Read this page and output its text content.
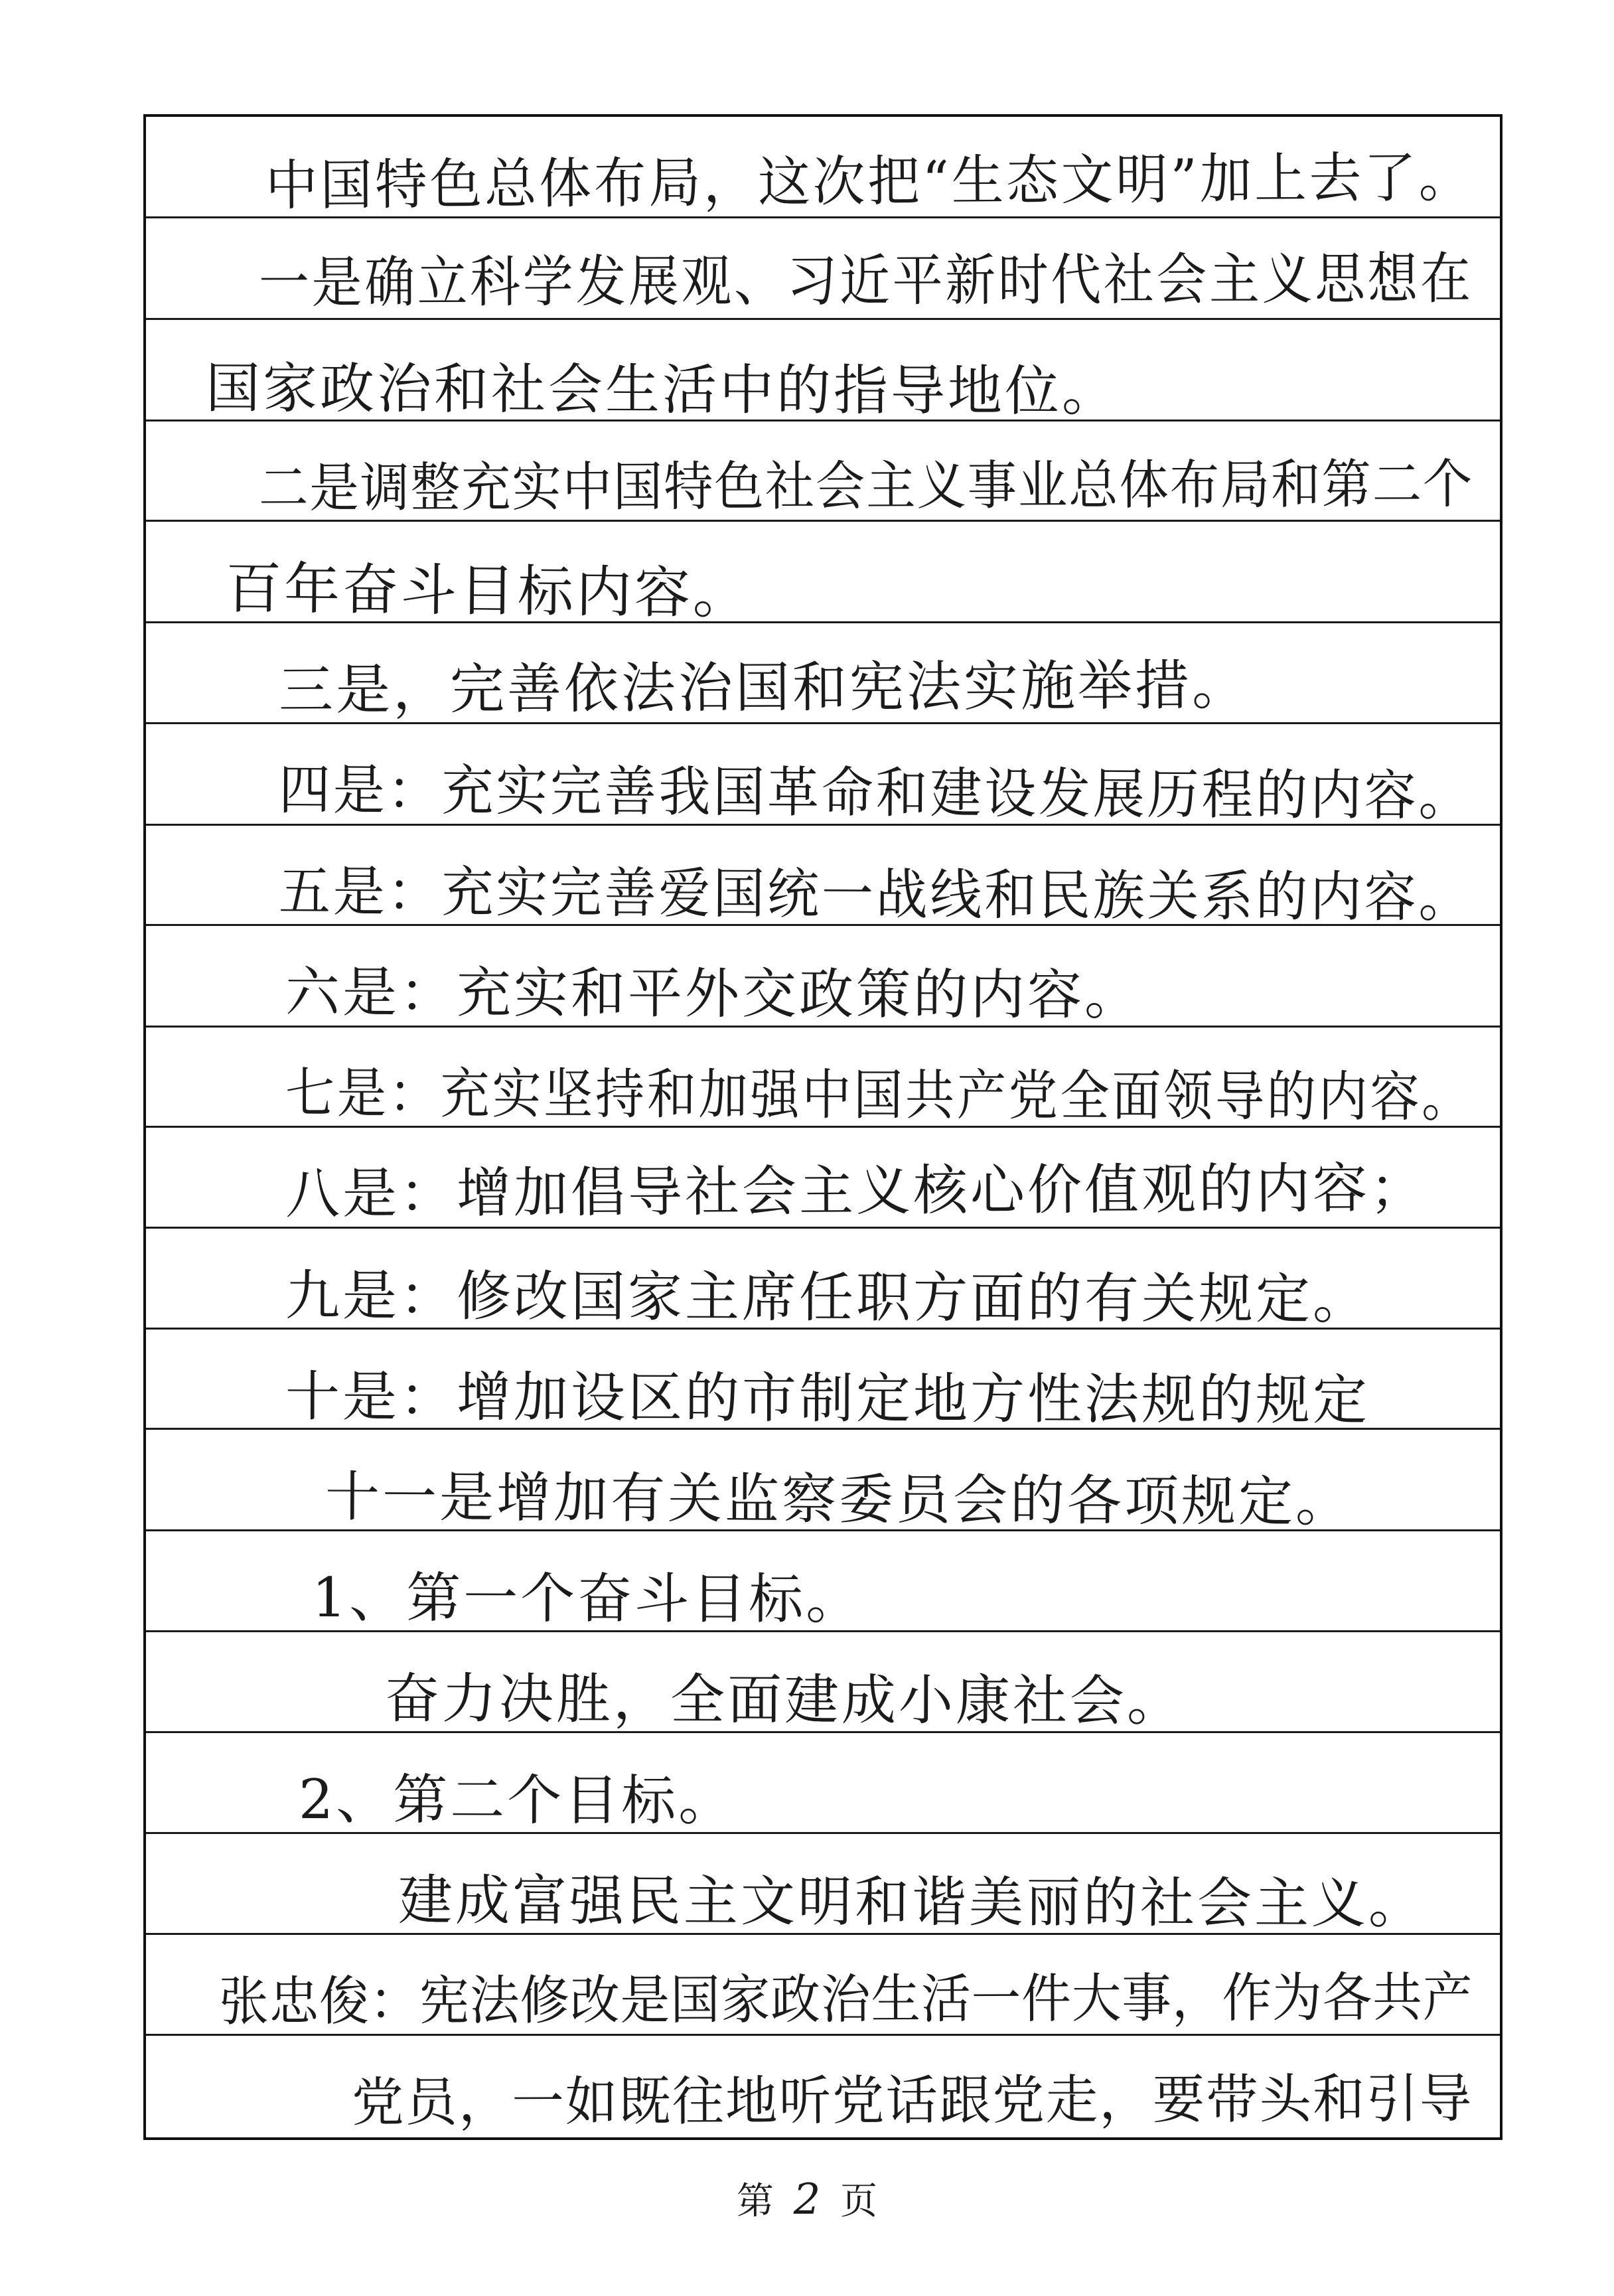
中国特色总体布局，这次把“生态文明”加上去了。
一是确立科学发展观、习近平新时代社会主义思想在
国家政治和社会生活中的指导地位。
二是调整充实中国特色社会主义事业总体布局和第二个
百年奋斗目标内容。
三是，完善依法治国和宪法实施举措。
四是：充实完善我国革命和建设发展历程的内容。
五是：充实完善爱国统一战线和民族关系的内容。
六是：充实和平外交政策的内容。
七是：充实坚持和加强中国共产党全面领导的内容。
八是：增加倡导社会主义核心价值观的内容；
九是：修改国家主席任职方面的有关规定。
十是：增加设区的市制定地方性法规的规定
十一是增加有关监察委员会的各项规定。
1、第一个奋斗目标。
奋力决胜，全面建成小康社会。
2、第二个目标。
建成富强民主文明和谐美丽的社会主义。
张忠俊：宪法修改是国家政治生活一件大事，作为各共产
党员，一如既往地听党话跟党走，要带头和引导
第 2 页
